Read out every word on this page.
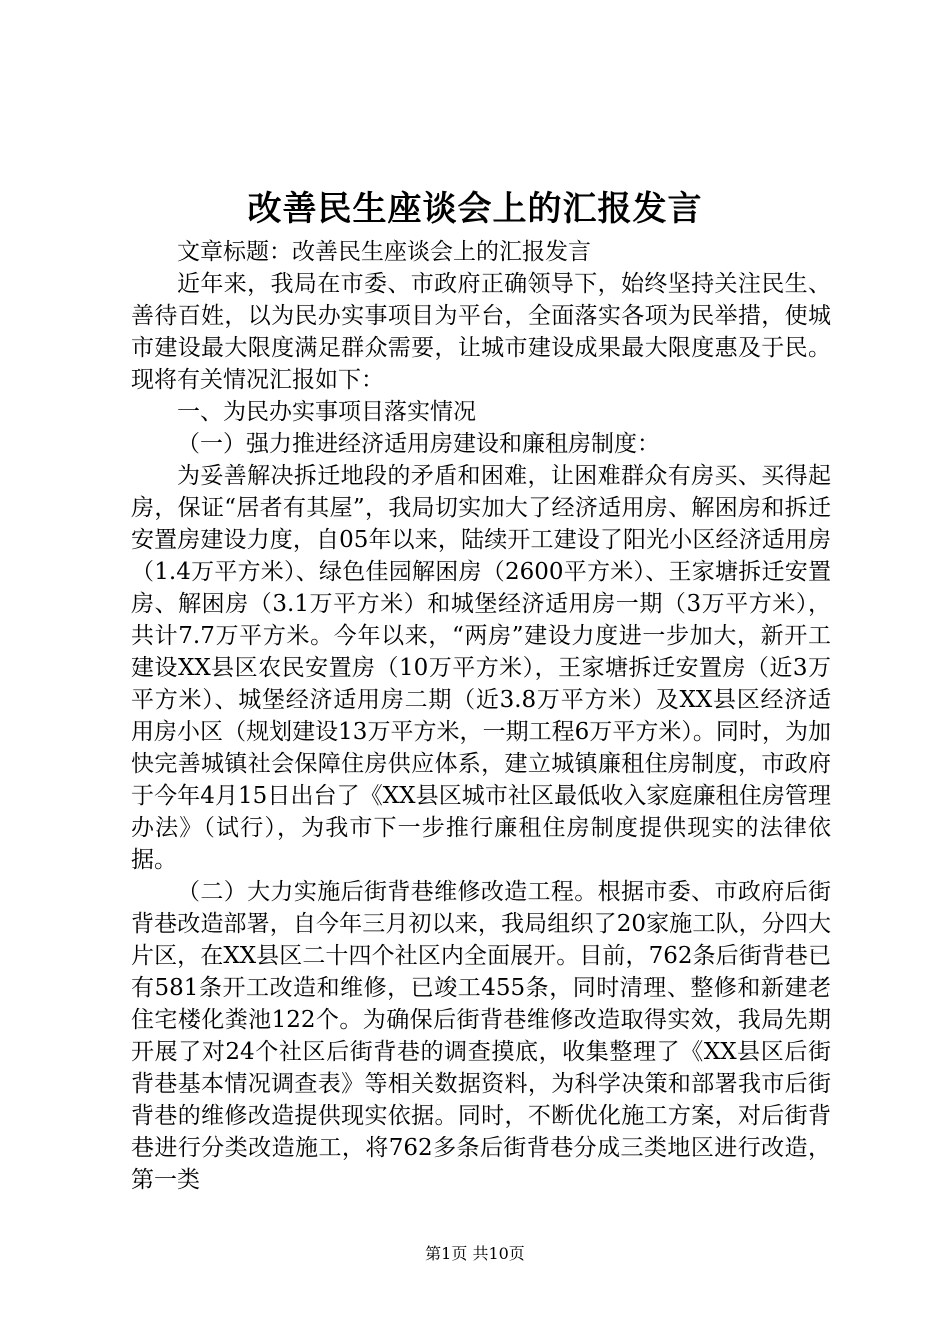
改善民生座谈会上的汇报发言

文章标题：改善民生座谈会上的汇报发言

近年来，我局在市委、市政府正确领导下，始终坚持关注民生、善待百姓，以为民办实事项目为平台，全面落实各项为民举措，使城市建设最大限度满足群众需要，让城市建设成果最大限度惠及于民。现将有关情况汇报如下：

一、为民办实事项目落实情况

（一）强力推进经济适用房建设和廉租房制度：

为妥善解决拆迁地段的矛盾和困难，让困难群众有房买、买得起房，保证“居者有其屋”，我局切实加大了经济适用房、解困房和拆迁安置房建设力度，自05年以来，陆续开工建设了阳光小区经济适用房（1.4万平方米）、绿色佳园解困房（2600平方米）、王家塘拆迁安置房、解困房（3.1万平方米）和城堡经济适用房一期（3万平方米），共计7.7万平方米。今年以来，“两房”建设力度进一步加大，新开工建设XX县区农民安置房（10万平方米），王家塘拆迁安置房（近3万平方米）、城堡经济适用房二期（近3.8万平方米）及XX县区经济适用房小区（规划建设13万平方米，一期工程6万平方米）。同时，为加快完善城镇社会保障住房供应体系，建立城镇廉租住房制度，市政府于今年4月15日出台了《XX县区城市社区最低收入家庭廉租住房管理办法》（试行），为我市下一步推行廉租住房制度提供现实的法律依据。

（二）大力实施后街背巷维修改造工程。根据市委、市政府后街背巷改造部署，自今年三月初以来，我局组织了20家施工队，分四大片区，在XX县区二十四个社区内全面展开。目前，762条后街背巷已有581条开工改造和维修，已竣工455条，同时清理、整修和新建老住宅楼化粪池122个。为确保后街背巷维修改造取得实效，我局先期开展了对24个社区后街背巷的调查摸底，收集整理了《XX县区后街背巷基本情况调查表》等相关数据资料，为科学决策和部署我市后街背巷的维修改造提供现实依据。同时，不断优化施工方案，对后街背巷进行分类改造施工，将762多条后街背巷分成三类地区进行改造，第一类

第1页 共10页
